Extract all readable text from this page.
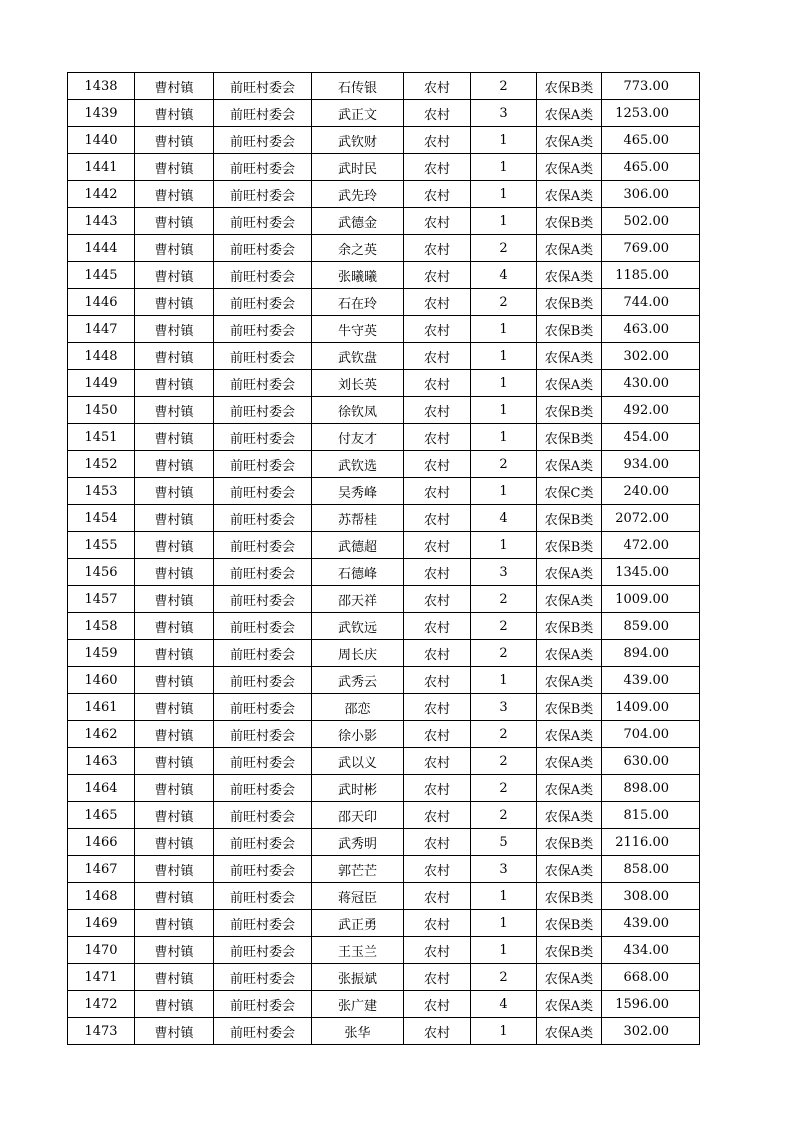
1438	曹村镇	前旺村委会	石传银	农村	2	农保B类	773.00
1439	曹村镇	前旺村委会	武正文	农村	3	农保A类	1253.00
1440	曹村镇	前旺村委会	武钦财	农村	1	农保A类	465.00
1441	曹村镇	前旺村委会	武时民	农村	1	农保A类	465.00
1442	曹村镇	前旺村委会	武先玲	农村	1	农保A类	306.00
1443	曹村镇	前旺村委会	武德金	农村	1	农保B类	502.00
1444	曹村镇	前旺村委会	余之英	农村	2	农保A类	769.00
1445	曹村镇	前旺村委会	张曦曦	农村	4	农保A类	1185.00
1446	曹村镇	前旺村委会	石在玲	农村	2	农保B类	744.00
1447	曹村镇	前旺村委会	牛守英	农村	1	农保B类	463.00
1448	曹村镇	前旺村委会	武钦盘	农村	1	农保A类	302.00
1449	曹村镇	前旺村委会	刘长英	农村	1	农保A类	430.00
1450	曹村镇	前旺村委会	徐钦凤	农村	1	农保B类	492.00
1451	曹村镇	前旺村委会	付友才	农村	1	农保B类	454.00
1452	曹村镇	前旺村委会	武钦选	农村	2	农保A类	934.00
1453	曹村镇	前旺村委会	吴秀峰	农村	1	农保C类	240.00
1454	曹村镇	前旺村委会	苏帮桂	农村	4	农保B类	2072.00
1455	曹村镇	前旺村委会	武德超	农村	1	农保B类	472.00
1456	曹村镇	前旺村委会	石德峰	农村	3	农保A类	1345.00
1457	曹村镇	前旺村委会	邵天祥	农村	2	农保A类	1009.00
1458	曹村镇	前旺村委会	武钦远	农村	2	农保B类	859.00
1459	曹村镇	前旺村委会	周长庆	农村	2	农保A类	894.00
1460	曹村镇	前旺村委会	武秀云	农村	1	农保A类	439.00
1461	曹村镇	前旺村委会	邵恋	农村	3	农保B类	1409.00
1462	曹村镇	前旺村委会	徐小影	农村	2	农保A类	704.00
1463	曹村镇	前旺村委会	武以义	农村	2	农保A类	630.00
1464	曹村镇	前旺村委会	武时彬	农村	2	农保A类	898.00
1465	曹村镇	前旺村委会	邵天印	农村	2	农保A类	815.00
1466	曹村镇	前旺村委会	武秀明	农村	5	农保B类	2116.00
1467	曹村镇	前旺村委会	郭芒芒	农村	3	农保A类	858.00
1468	曹村镇	前旺村委会	蒋冠臣	农村	1	农保B类	308.00
1469	曹村镇	前旺村委会	武正勇	农村	1	农保B类	439.00
1470	曹村镇	前旺村委会	王玉兰	农村	1	农保B类	434.00
1471	曹村镇	前旺村委会	张振斌	农村	2	农保A类	668.00
1472	曹村镇	前旺村委会	张广建	农村	4	农保A类	1596.00
1473	曹村镇	前旺村委会	张华	农村	1	农保A类	302.00
